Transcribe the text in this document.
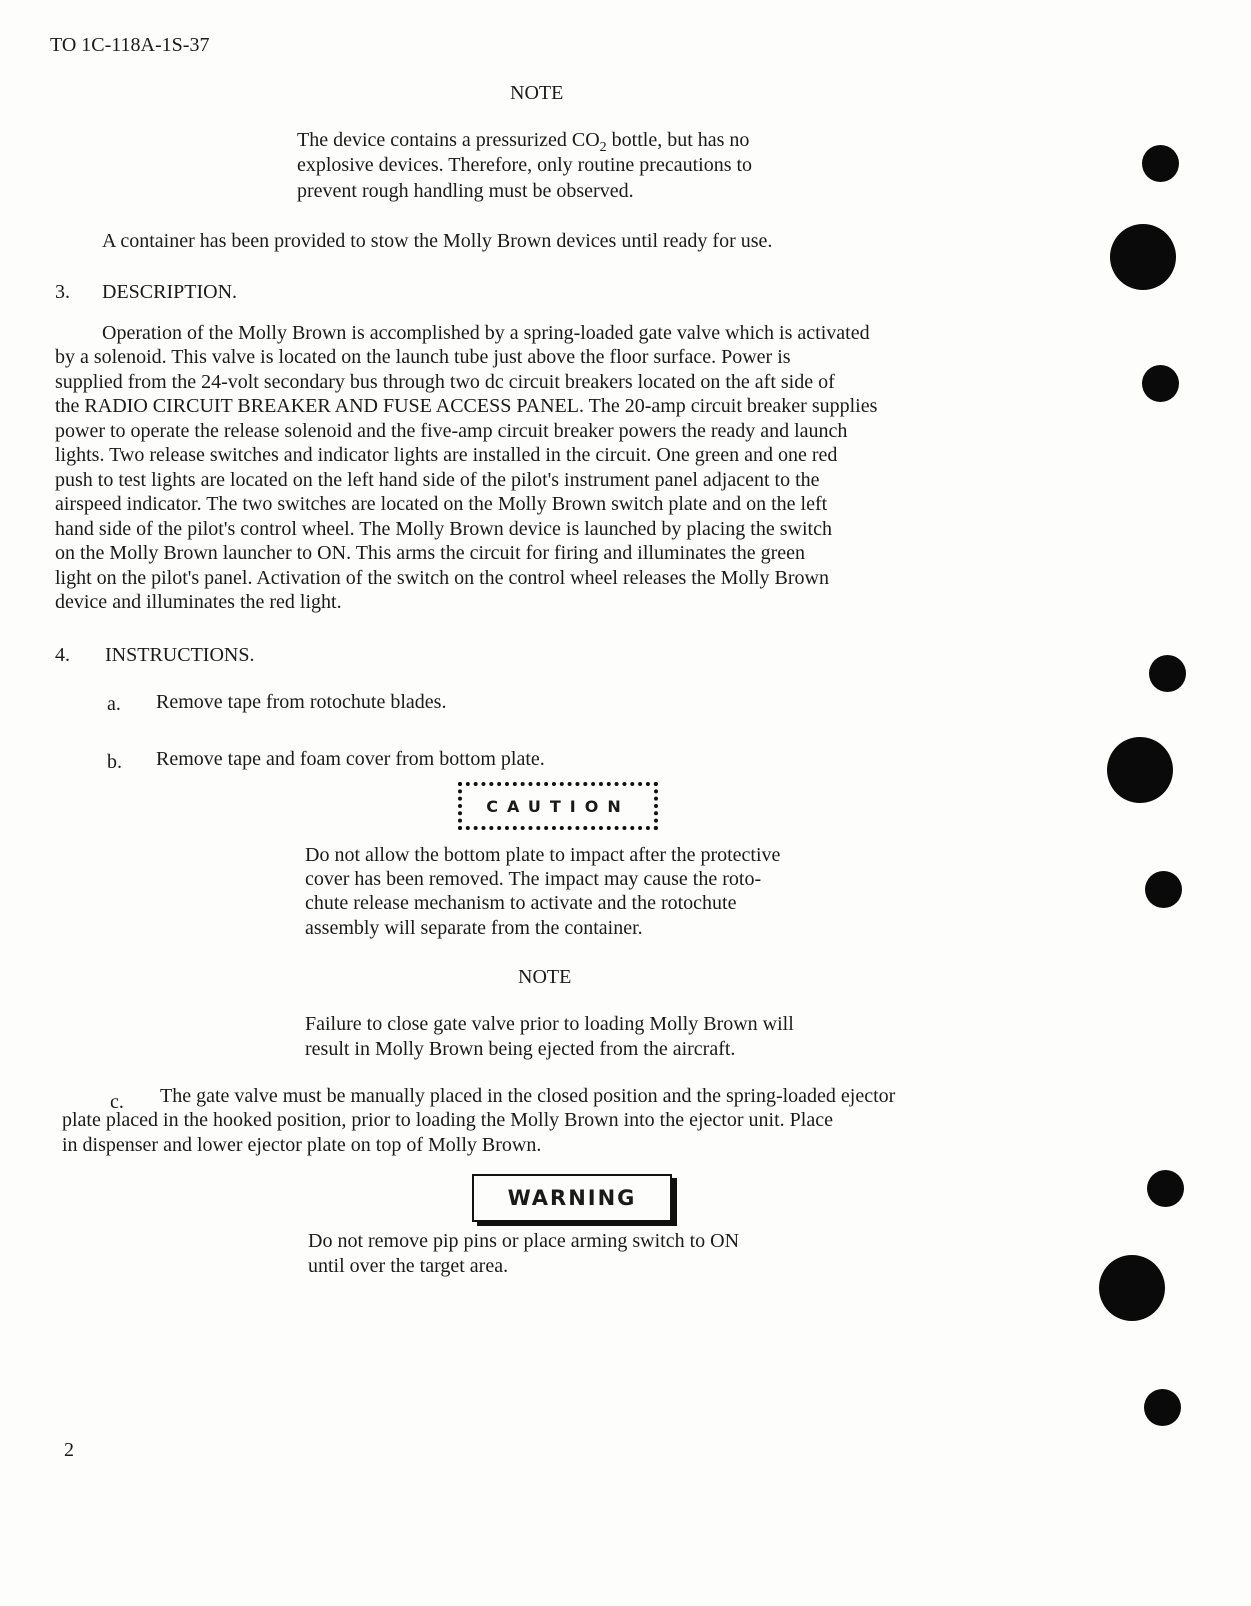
TO 1C-118A-1S-37
NOTE
The device contains a pressurized $CO_2$ bottle, but has no
explosive devices. Therefore, only routine precautions to
prevent rough handling must be observed.
A container has been provided to stow the Molly Brown devices until ready for use.
3. DESCRIPTION.
Operation of the Molly Brown is accomplished by a spring-loaded gate valve which is activated
by a solenoid. This valve is located on the launch tube just above the floor surface. Power is
supplied from the 24-volt secondary bus through two dc circuit breakers located on the aft side of
the RADIO CIRCUIT BREAKER AND FUSE ACCESS PANEL. The 20-amp circuit breaker supplies
power to operate the release solenoid and the five-amp circuit breaker powers the ready and launch
lights. Two release switches and indicator lights are installed in the circuit. One green and one red
push to test lights are located on the left hand side of the pilot's instrument panel adjacent to the
airspeed indicator. The two switches are located on the Molly Brown switch plate and on the left
hand side of the pilot's control wheel. The Molly Brown device is launched by placing the switch
on the Molly Brown launcher to ON. This arms the circuit for firing and illuminates the green
light on the pilot's panel. Activation of the switch on the control wheel releases the Molly Brown
device and illuminates the red light.
4. INSTRUCTIONS.
a. Remove tape from rotochute blades.
b. Remove tape and foam cover from bottom plate.
CAUTION
Do not allow the bottom plate to impact after the protective
cover has been removed. The impact may cause the roto-
chute release mechanism to activate and the rotochute
assembly will separate from the container.
NOTE
Failure to close gate valve prior to loading Molly Brown will
result in Molly Brown being ejected from the aircraft.
c. The gate valve must be manually placed in the closed position and the spring-loaded ejector
plate placed in the hooked position, prior to loading the Molly Brown into the ejector unit. Place
in dispenser and lower ejector plate on top of Molly Brown.
WARNING
Do not remove pip pins or place arming switch to ON
until over the target area.
2
